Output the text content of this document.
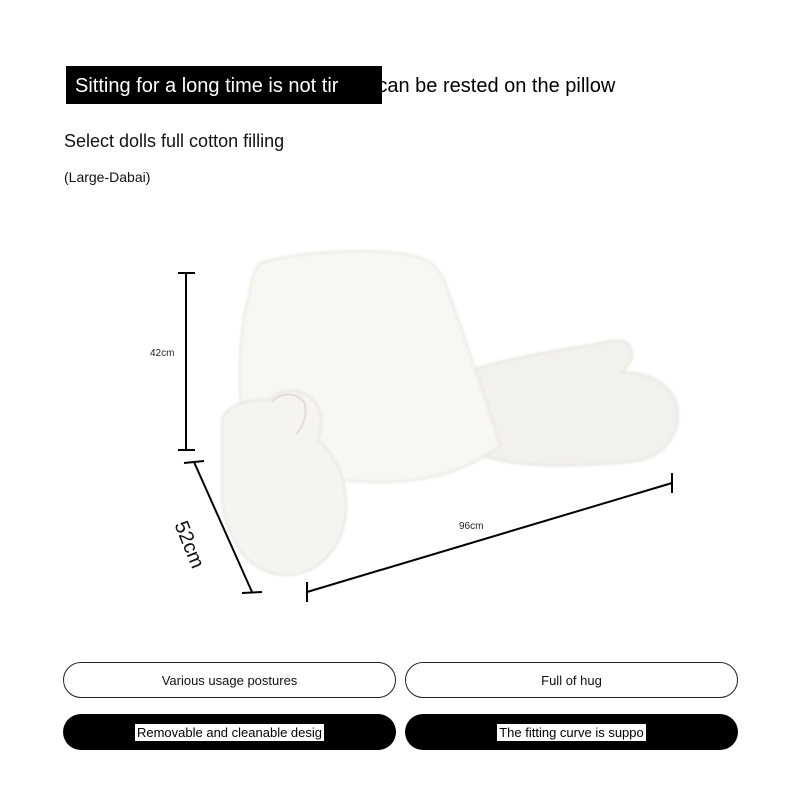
Sitting for a long time is not tirand can be rested on the pillow
Select dolls full cotton filling
(Large-Dabai)
42cm
52cm	96cm
Various usage postures	Full of hug
Removable and cleanable desig	The fitting curve is suppo
